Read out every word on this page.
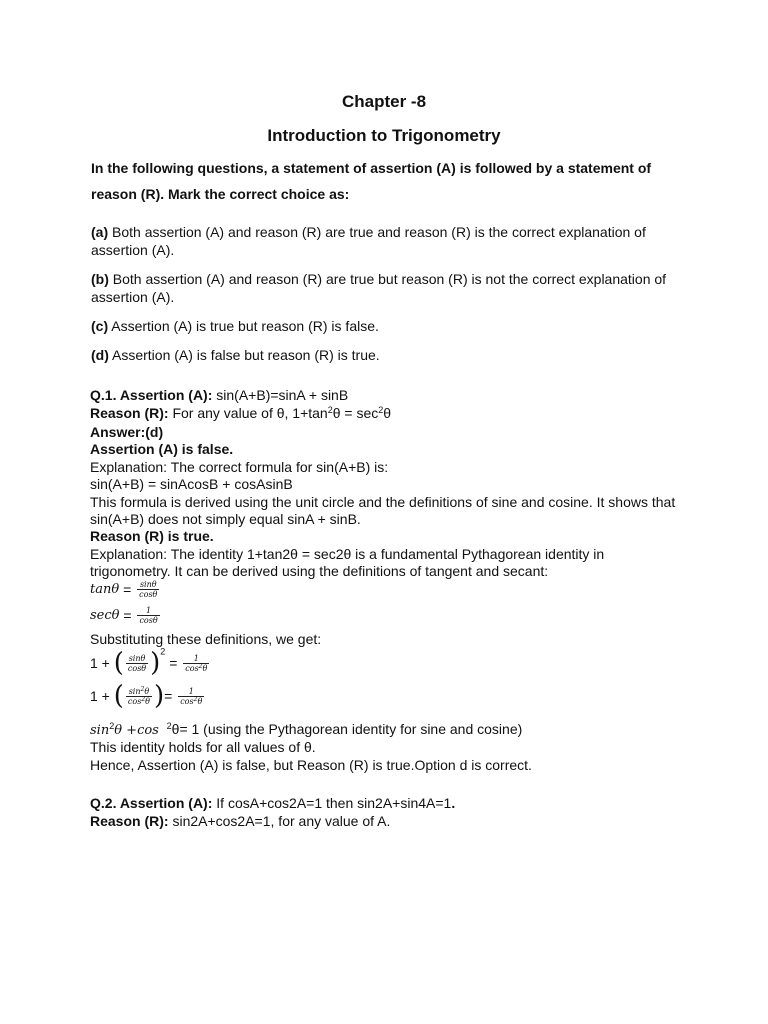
Chapter -8
Introduction to Trigonometry
In the following questions, a statement of assertion (A) is followed by a statement of
reason (R). Mark the correct choice as:
(a) Both assertion (A) and reason (R) are true and reason (R) is the correct explanation of assertion (A).
(b) Both assertion (A) and reason (R) are true but reason (R) is not the correct explanation of assertion (A).
(c) Assertion (A) is true but reason (R) is false.
(d) Assertion (A) is false but reason (R) is true.
Q.1. Assertion (A): sin(A+B)=sinA + sinB
Reason (R): For any value of θ, $1+\tan^2\theta = \sec^2\theta$
Answer:(d)
Assertion (A) is false.
Explanation: The correct formula for sin(A+B) is:
sin(A+B) = sinAcosB + cosAsinB
This formula is derived using the unit circle and the definitions of sine and cosine. It shows that sin(A+B) does not simply equal sinA + sinB.
Reason (R) is true.
Explanation: The identity 1+tan2θ = sec2θ is a fundamental Pythagorean identity in trigonometry. It can be derived using the definitions of tangent and secant:
$\tan\theta = \frac{\sin\theta}{\cos\theta}$
$\sec\theta = \frac{1}{\cos\theta}$
Substituting these definitions, we get:
1 + ( $\frac{\sin\theta}{\cos\theta} )^2 = \frac{1}{\cos^2\theta}$
1 + ( $\frac{\sin^2\theta}{\cos^2\theta}$ )= $\frac{1}{\cos^2\theta}$
$\sin^2\theta +\cos$ $^2$θ= 1 (using the Pythagorean identity for sine and cosine)
This identity holds for all values of θ.
Hence, Assertion (A) is false, but Reason (R) is true.Option d is correct.
Q.2. Assertion (A): If cosA+cos2A=1 then sin2A+sin4A=1.
Reason (R): sin2A+cos2A=1, for any value of A.
